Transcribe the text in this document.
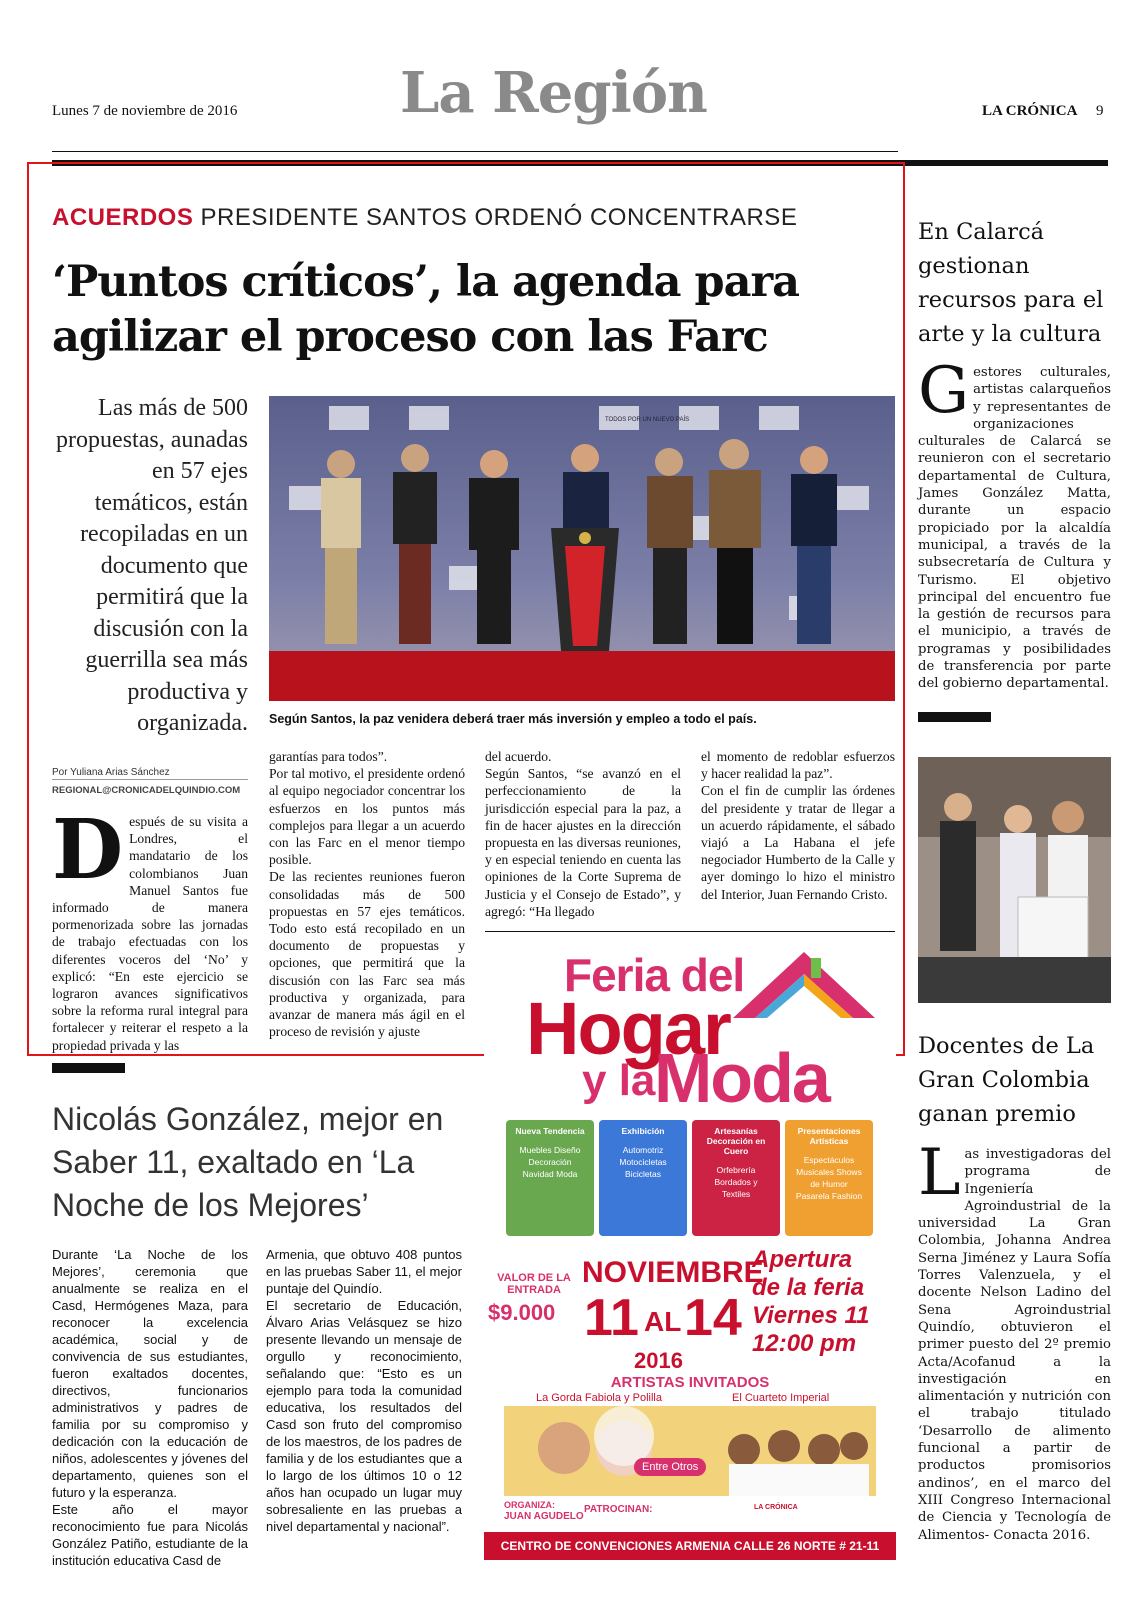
Lunes 7 de noviembre de 2016	La Región	LA CRÓNICA 9
ACUERDOS PRESIDENTE SANTOS ORDENÓ CONCENTRARSE
‘Puntos críticos’, la agenda para
agilizar el proceso con las Farc
Las más de 500 propuestas, aunadas en 57 ejes temáticos, están recopiladas en un documento que permitirá que la discusión con la guerrilla sea más productiva y organizada.
TODOS POR UN NUEVO PAÍS
Según Santos, la paz venidera deberá traer más inversión y empleo a todo el país.
Por Yuliana Arias Sánchez
REGIONAL@CRONICADELQUINDIO.COM
Después de su visita a Londres, el mandatario de los colombianos Juan Manuel Santos fue informado de manera pormenorizada sobre las jornadas de trabajo efectuadas con los diferentes voceros del ‘No’ y explicó: “En este ejercicio se lograron avances significativos sobre la reforma rural integral para fortalecer y reiterar el respeto a la propiedad privada y las
garantías para todos”.
Por tal motivo, el presidente ordenó al equipo negociador concentrar los esfuerzos en los puntos más complejos para llegar a un acuerdo con las Farc en el menor tiempo posible.
De las recientes reuniones fueron consolidadas más de 500 propuestas en 57 ejes temáticos. Todo esto está recopilado en un documento de propuestas y opciones, que permitirá que la discusión con las Farc sea más productiva y organizada, para avanzar de manera más ágil en el proceso de revisión y ajuste
del acuerdo.
Según Santos, “se avanzó en el perfeccionamiento de la jurisdicción especial para la paz, a fin de hacer ajustes en la dirección propuesta en las diversas reuniones, y en especial teniendo en cuenta las opiniones de la Corte Suprema de Justicia y el Consejo de Estado”, y agregó: “Ha llegado
el momento de redoblar esfuerzos y hacer realidad la paz”.
Con el fin de cumplir las órdenes del presidente y tratar de llegar a un acuerdo rápidamente, el sábado viajó a La Habana el jefe negociador Humberto de la Calle y ayer domingo lo hizo el ministro del Interior, Juan Fernando Cristo.
En Calarcá gestionan recursos para el arte y la cultura
Gestores culturales, artistas calarqueños y representantes de organizaciones culturales de Calarcá se reunieron con el secretario departamental de Cultura, James González Matta, durante un espacio propiciado por la alcaldía municipal, a través de la subsecretaría de Cultura y Turismo. El objetivo principal del encuentro fue la gestión de recursos para el municipio, a través de programas y posibilidades de transferencia por parte del gobierno departamental.
Docentes de La Gran Colombia ganan premio
Las investigadoras del programa de Ingeniería Agroindustrial de la universidad La Gran Colombia, Johanna Andrea Serna Jiménez y Laura Sofía Torres Valenzuela, y el docente Nelson Ladino del Sena Agroindustrial Quindío, obtuvieron el primer puesto del 2º premio Acta/Acofanud a la investigación en alimentación y nutrición con el trabajo titulado ‘Desarrollo de alimento funcional a partir de productos promisorios andinos’, en el marco del XIII Congreso Internacional de Ciencia y Tecnología de Alimentos- Conacta 2016.
Nicolás González, mejor en Saber 11, exaltado en ‘La Noche de los Mejores’
Durante ‘La Noche de los Mejores’, ceremonia que anualmente se realiza en el Casd, Hermógenes Maza, para reconocer la excelencia académica, social y de convivencia de sus estudiantes, fueron exaltados docentes, directivos, funcionarios administrativos y padres de familia por su compromiso y dedicación con la educación de niños, adolescentes y jóvenes del departamento, quienes son el futuro y la esperanza.
Este año el mayor reconocimiento fue para Nicolás González Patiño, estudiante de la institución educativa Casd de
Armenia, que obtuvo 408 puntos en las pruebas Saber 11, el mejor puntaje del Quindío.
El secretario de Educación, Álvaro Arias Velásquez se hizo presente llevando un mensaje de orgullo y reconocimiento, señalando que: “Esto es un ejemplo para toda la comunidad educativa, los resultados del Casd son fruto del compromiso de los maestros, de los padres de familia y de los estudiantes que a lo largo de los últimos 10 o 12 años han ocupado un lugar muy sobresaliente en las pruebas a nivel departamental y nacional”.
Feria del
Hogar
y la
Moda
Nueva Tendencia
Muebles Diseño Decoración Navidad Moda
Exhibición
Automotriz Motocicletas Bicicletas
Artesanías Decoración en Cuero
Orfebrería Bordados y Textiles
Presentaciones Artísticas
Espectáculos Musicales Shows de Humor Pasarela Fashion
VALOR DE LA ENTRADA
$9.000
NOVIEMBRE
11 AL 14
2016
Apertura
de la feria
Viernes 11
12:00 pm
ARTISTAS INVITADOS
La Gorda Fabiola y Polilla	El Cuarteto Imperial
Entre Otros
ORGANIZA:
JUAN AGUDELO
PATROCINAN:	LA CRÓNICA
CENTRO DE CONVENCIONES ARMENIA CALLE 26 NORTE # 21-11
